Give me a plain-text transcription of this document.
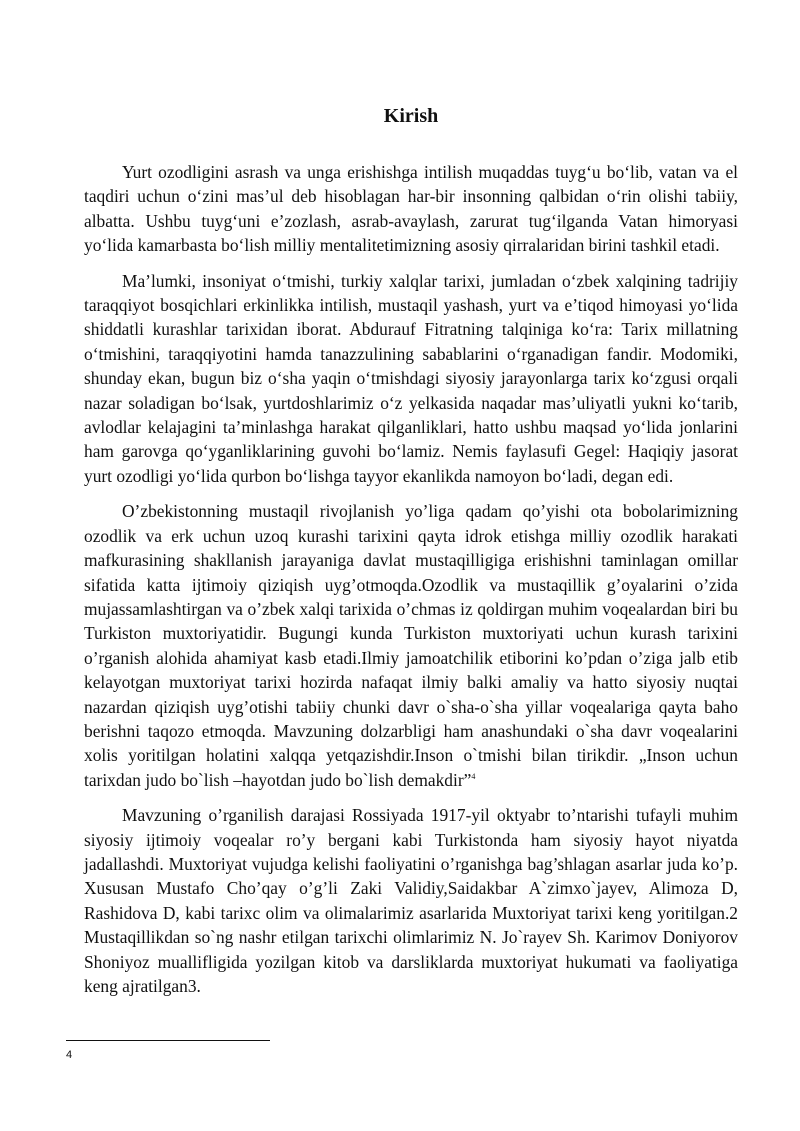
Kirish

Yurt ozodligini asrash va unga erishishga intilish muqaddas tuyg‘u bo‘lib, vatan va el taqdiri uchun o‘zini mas’ul deb hisoblagan har-bir insonning qalbidan o‘rin olishi tabiiy, albatta. Ushbu tuyg‘uni e’zozlash, asrab-avaylash, zarurat tug‘ilganda Vatan himoryasi yo‘lida kamarbasta bo‘lish milliy mentalitetimizning asosiy qirralaridan birini tashkil etadi.

Ma’lumki, insoniyat o‘tmishi, turkiy xalqlar tarixi, jumladan o‘zbek xalqining tadrijiy taraqqiyot bosqichlari erkinlikka intilish, mustaqil yashash, yurt va e’tiqod himoyasi yo‘lida shiddatli kurashlar tarixidan iborat. Abdurauf Fitratning talqiniga ko‘ra: Tarix millatning o‘tmishini, taraqqiyotini hamda tanazzulining sabablarini o‘rganadigan fandir. Modomiki, shunday ekan, bugun biz o‘sha yaqin o‘tmishdagi siyosiy jarayonlarga tarix ko‘zgusi orqali nazar soladigan bo‘lsak, yurtdoshlarimiz o‘z yelkasida naqadar mas’uliyatli yukni ko‘tarib, avlodlar kelajagini ta’minlashga harakat qilganliklari, hatto ushbu maqsad yo‘lida jonlarini ham garovga qo‘yganliklarining guvohi bo‘lamiz. Nemis faylasufi Gegel: Haqiqiy jasorat yurt ozodligi yo‘lida qurbon bo‘lishga tayyor ekanlikda namoyon bo‘ladi, degan edi.

O’zbekistonning mustaqil rivojlanish yo’liga qadam qo’yishi ota bobolarimizning ozodlik va erk uchun uzoq kurashi tarixini qayta idrok etishga milliy ozodlik harakati mafkurasining shakllanish jarayaniga davlat mustaqilligiga erishishni taminlagan omillar sifatida katta ijtimoiy qiziqish uyg’otmoqda.Ozodlik va mustaqillik g’oyalarini o’zida mujassamlashtirgan va o’zbek xalqi tarixida o’chmas iz qoldirgan muhim voqealardan biri bu Turkiston muxtoriyatidir. Bugungi kunda Turkiston muxtoriyati uchun kurash tarixini o’rganish alohida ahamiyat kasb etadi.Ilmiy jamoatchilik etiborini ko’pdan o’ziga jalb etib kelayotgan muxtoriyat tarixi hozirda nafaqat ilmiy balki amaliy va hatto siyosiy nuqtai nazardan qiziqish uyg’otishi tabiiy chunki davr o`sha-o`sha yillar voqealariga qayta baho berishni taqozo etmoqda. Mavzuning dolzarbligi ham anashundaki o`sha davr voqealarini xolis yoritilgan holatini xalqqa yetqazishdir.Inson o`tmishi bilan tirikdir. „Inson uchun tarixdan judo bo`lish –hayotdan judo bo`lish demakdir”$^4$

Mavzuning o’rganilish darajasi Rossiyada 1917-yil oktyabr to’ntarishi tufayli muhim siyosiy ijtimoiy voqealar ro’y bergani kabi Turkistonda ham siyosiy hayot niyatda jadallashdi. Muxtoriyat vujudga kelishi faoliyatini o’rganishga bag’shlagan asarlar juda ko’p. Xususan Mustafo Cho’qay o’g’li Zaki Validiy,Saidakbar A`zimxo`jayev, Alimoza D, Rashidova D, kabi tarixc olim va olimalarimiz asarlarida Muxtoriyat tarixi keng yoritilgan.2 Mustaqillikdan so`ng nashr etilgan tarixchi olimlarimiz N. Jo`rayev Sh. Karimov Doniyorov Shoniyoz muallifligida yozilgan kitob va darsliklarda muxtoriyat hukumati va faoliyatiga keng ajratilgan3.

4
